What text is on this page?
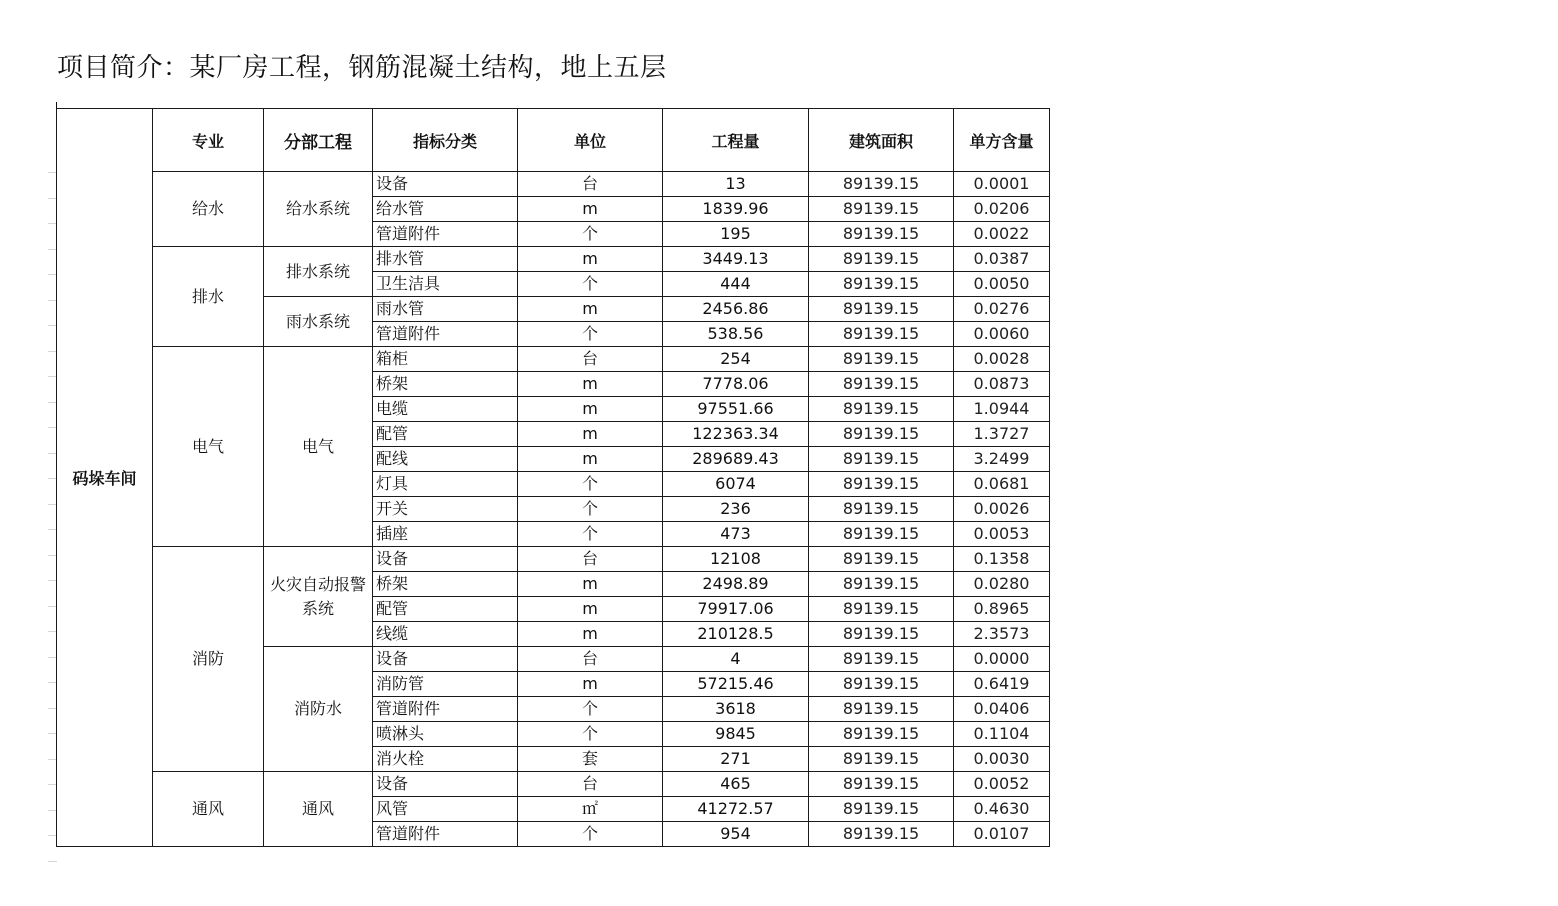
项目简介：某厂房工程，钢筋混凝土结构，地上五层
码垛车间	专业	分部工程	指标分类	单位	工程量	建筑面积	单方含量
	给水	给水系统	设备	台	13	89139.15	0.0001
			给水管	m	1839.96	89139.15	0.0206
			管道附件	个	195	89139.15	0.0022
	排水	排水系统	排水管	m	3449.13	89139.15	0.0387
			卫生洁具	个	444	89139.15	0.0050
		雨水系统	雨水管	m	2456.86	89139.15	0.0276
			管道附件	个	538.56	89139.15	0.0060
	电气	电气	箱柜	台	254	89139.15	0.0028
			桥架	m	7778.06	89139.15	0.0873
			电缆	m	97551.66	89139.15	1.0944
			配管	m	122363.34	89139.15	1.3727
			配线	m	289689.43	89139.15	3.2499
			灯具	个	6074	89139.15	0.0681
			开关	个	236	89139.15	0.0026
			插座	个	473	89139.15	0.0053
	消防	火灾自动报警系统	设备	台	12108	89139.15	0.1358
			桥架	m	2498.89	89139.15	0.0280
			配管	m	79917.06	89139.15	0.8965
			线缆	m	210128.5	89139.15	2.3573
		消防水	设备	台	4	89139.15	0.0000
			消防管	m	57215.46	89139.15	0.6419
			管道附件	个	3618	89139.15	0.0406
			喷淋头	个	9845	89139.15	0.1104
			消火栓	套	271	89139.15	0.0030
	通风	通风	设备	台	465	89139.15	0.0052
			风管	㎡	41272.57	89139.15	0.4630
			管道附件	个	954	89139.15	0.0107
